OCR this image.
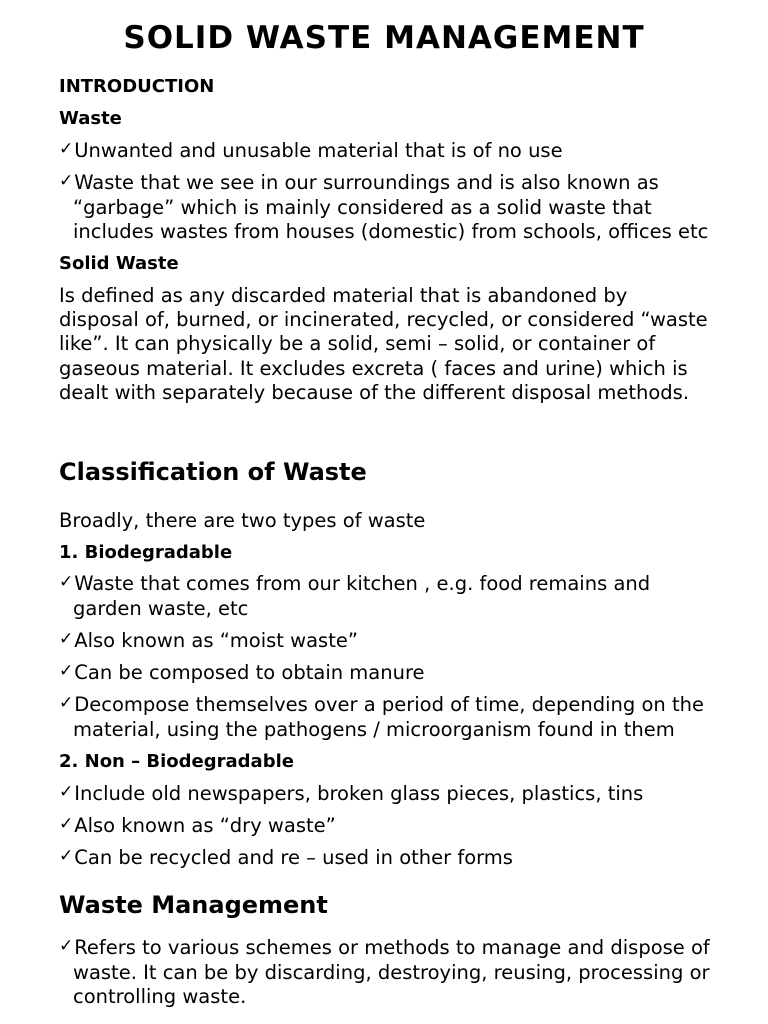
SOLID WASTE MANAGEMENT
INTRODUCTION
Waste
✓Unwanted and unusable material that is of no use
✓Waste that we see in our surroundings and is also known as “garbage” which is mainly considered as a solid waste that includes wastes from houses (domestic) from schools, offices etc
Solid Waste

Is defined as any discarded material that is abandoned by disposal of, burned, or incinerated, recycled, or considered “waste like”. It can physically be a solid, semi – solid, or container of gaseous material. It excludes excreta ( faces and urine) which is dealt with separately because of the different disposal methods.

Classification of Waste

Broadly, there are two types of waste

1. Biodegradable
✓Waste that comes from our kitchen , e.g. food remains and garden waste, etc
✓Also known as “moist waste”
✓Can be composed to obtain manure
✓Decompose themselves over a period of time, depending on the material, using the pathogens / microorganism found in them
2. Non – Biodegradable
✓Include old newspapers, broken glass pieces, plastics, tins
✓Also known as “dry waste”
✓Can be recycled and re – used in other forms
Waste Management
✓Refers to various schemes or methods to manage and dispose of waste. It can be by discarding, destroying, reusing, processing or controlling waste.
